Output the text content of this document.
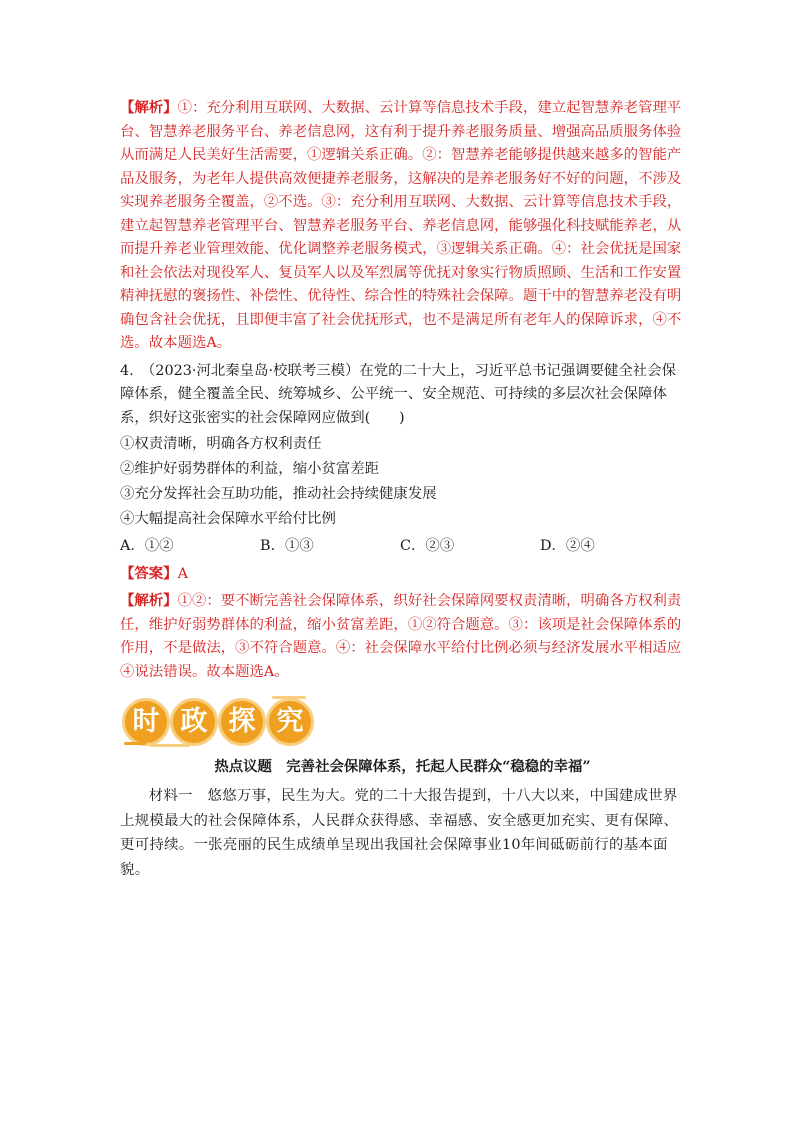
【解析】①：充分利用互联网、大数据、云计算等信息技术手段，建立起智慧养老管理平台、智慧养老服务平台、养老信息网，这有利于提升养老服务质量、增强高品质服务体验从而满足人民美好生活需要，①逻辑关系正确。②：智慧养老能够提供越来越多的智能产品及服务，为老年人提供高效便捷养老服务，这解决的是养老服务好不好的问题，不涉及实现养老服务全覆盖，②不选。③：充分利用互联网、大数据、云计算等信息技术手段，建立起智慧养老管理平台、智慧养老服务平台、养老信息网，能够强化科技赋能养老，从而提升养老业管理效能、优化调整养老服务模式，③逻辑关系正确。④：社会优抚是国家和社会依法对现役军人、复员军人以及军烈属等优抚对象实行物质照顾、生活和工作安置精神抚慰的褒扬性、补偿性、优待性、综合性的特殊社会保障。题干中的智慧养老没有明确包含社会优抚，且即便丰富了社会优抚形式，也不是满足所有老年人的保障诉求，④不选。故本题选A。

4.　（2023·河北秦皇岛·校联考三模）在党的二十大上，习近平总书记强调要健全社会保障体系，健全覆盖全民、统筹城乡、公平统一、安全规范、可持续的多层次社会保障体系，织好这张密实的社会保障网应做到(　　)

①权责清晰，明确各方权利责任

②维护好弱势群体的利益，缩小贫富差距

③充分发挥社会互助功能，推动社会持续健康发展

④大幅提高社会保障水平给付比例

A．①②	B．①③	C．②③	D．②④

【答案】A

【解析】①②：要不断完善社会保障体系，织好社会保障网要权责清晰，明确各方权利责任，维护好弱势群体的利益，缩小贫富差距，①②符合题意。③：该项是社会保障体系的作用，不是做法，③不符合题意。④：社会保障水平给付比例必须与经济发展水平相适应④说法错误。故本题选A。

时 政 探 究

热点议题　完善社会保障体系，托起人民群众“稳稳的幸福”

材料一　悠悠万事，民生为大。党的二十大报告提到，十八大以来，中国建成世界上规模最大的社会保障体系，人民群众获得感、幸福感、安全感更加充实、更有保障、更可持续。一张亮丽的民生成绩单呈现出我国社会保障事业10年间砥砺前行的基本面貌。
